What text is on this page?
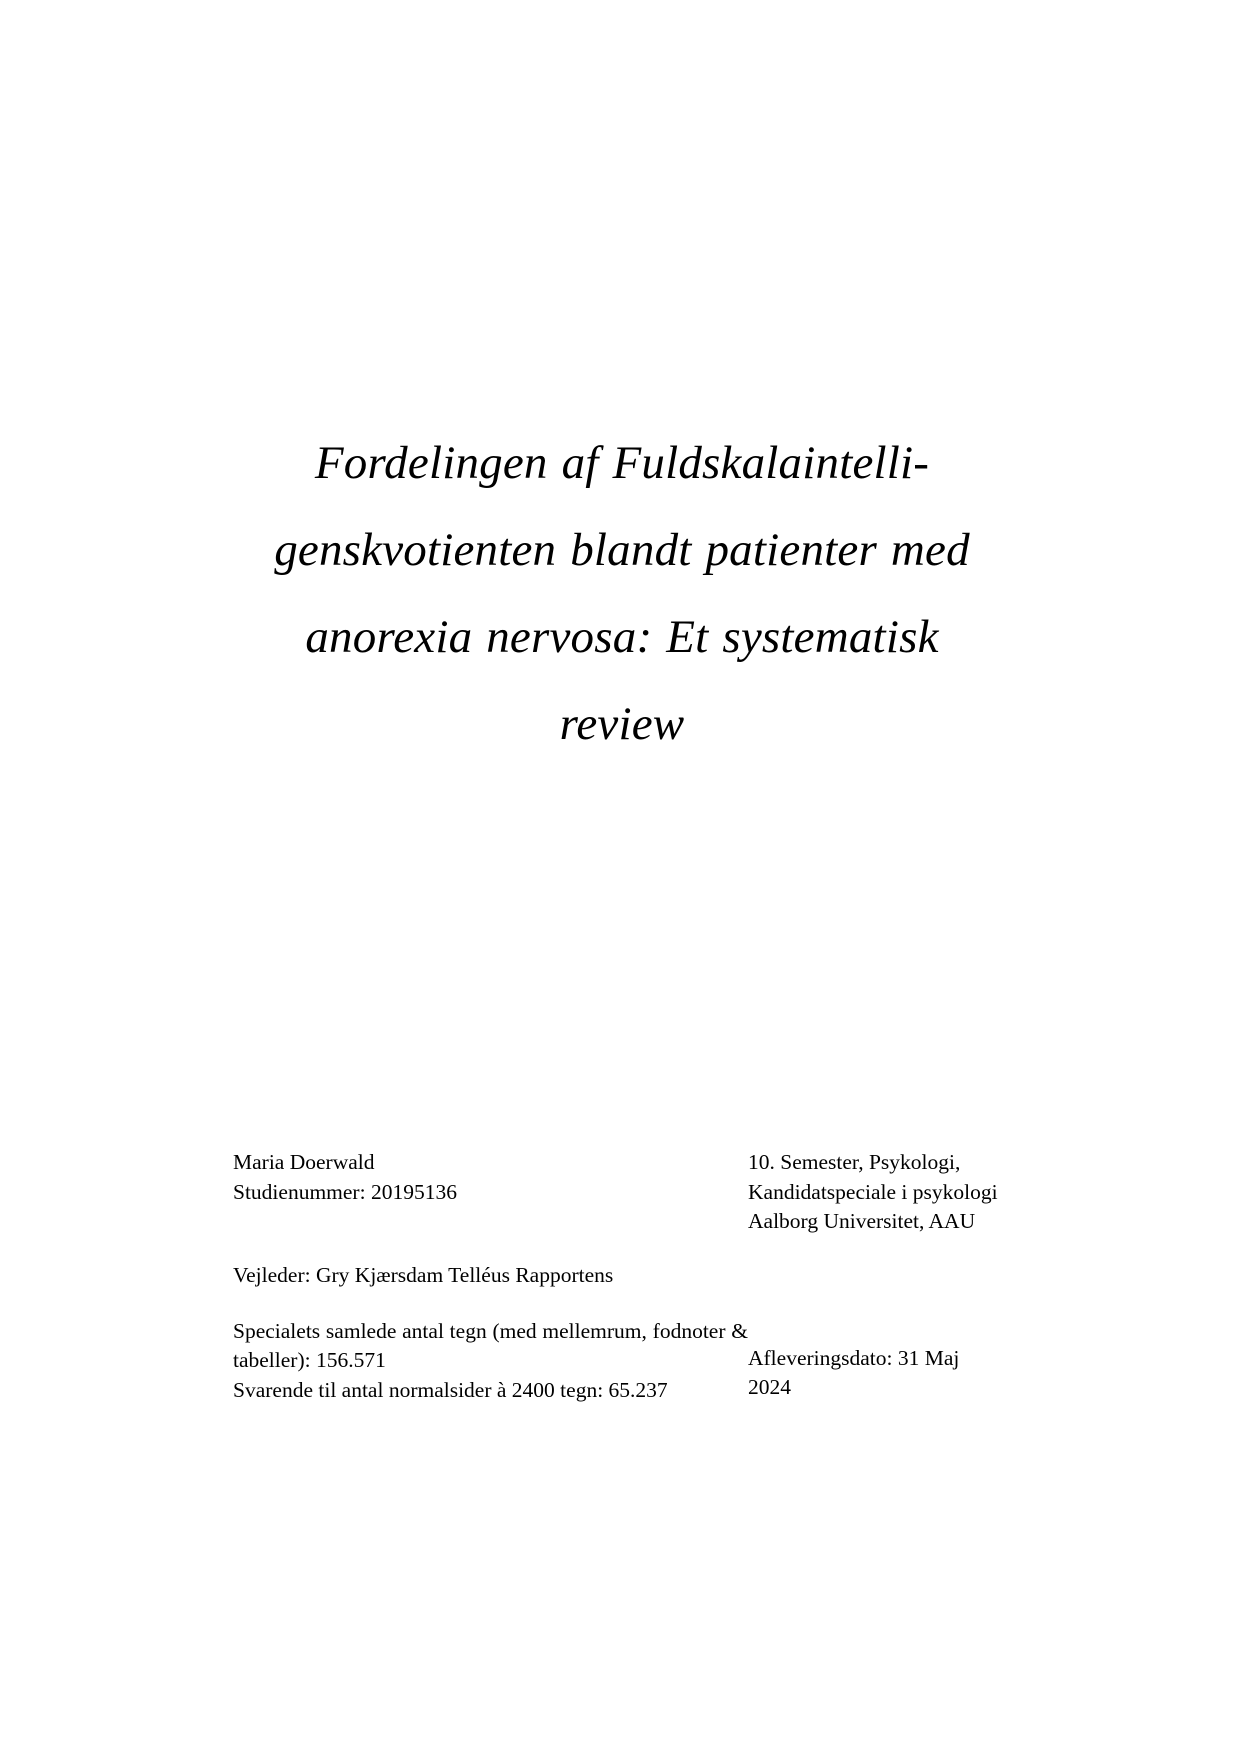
Fordelingen af Fuldskalaintelli-
genskvotienten blandt patienter med
anorexia nervosa: Et systematisk
review
Maria Doerwald
Studienummer: 20195136
10. Semester, Psykologi,
Kandidatspeciale i psykologi
Aalborg Universitet, AAU
Vejleder: Gry Kjærsdam Telléus Rapportens

Specialets samlede antal tegn (med mellemrum, fodnoter & tabeller): 156.571

Svarende til antal normalsider à 2400 tegn: 65.237

Afleveringsdato: 31 Maj
2024
